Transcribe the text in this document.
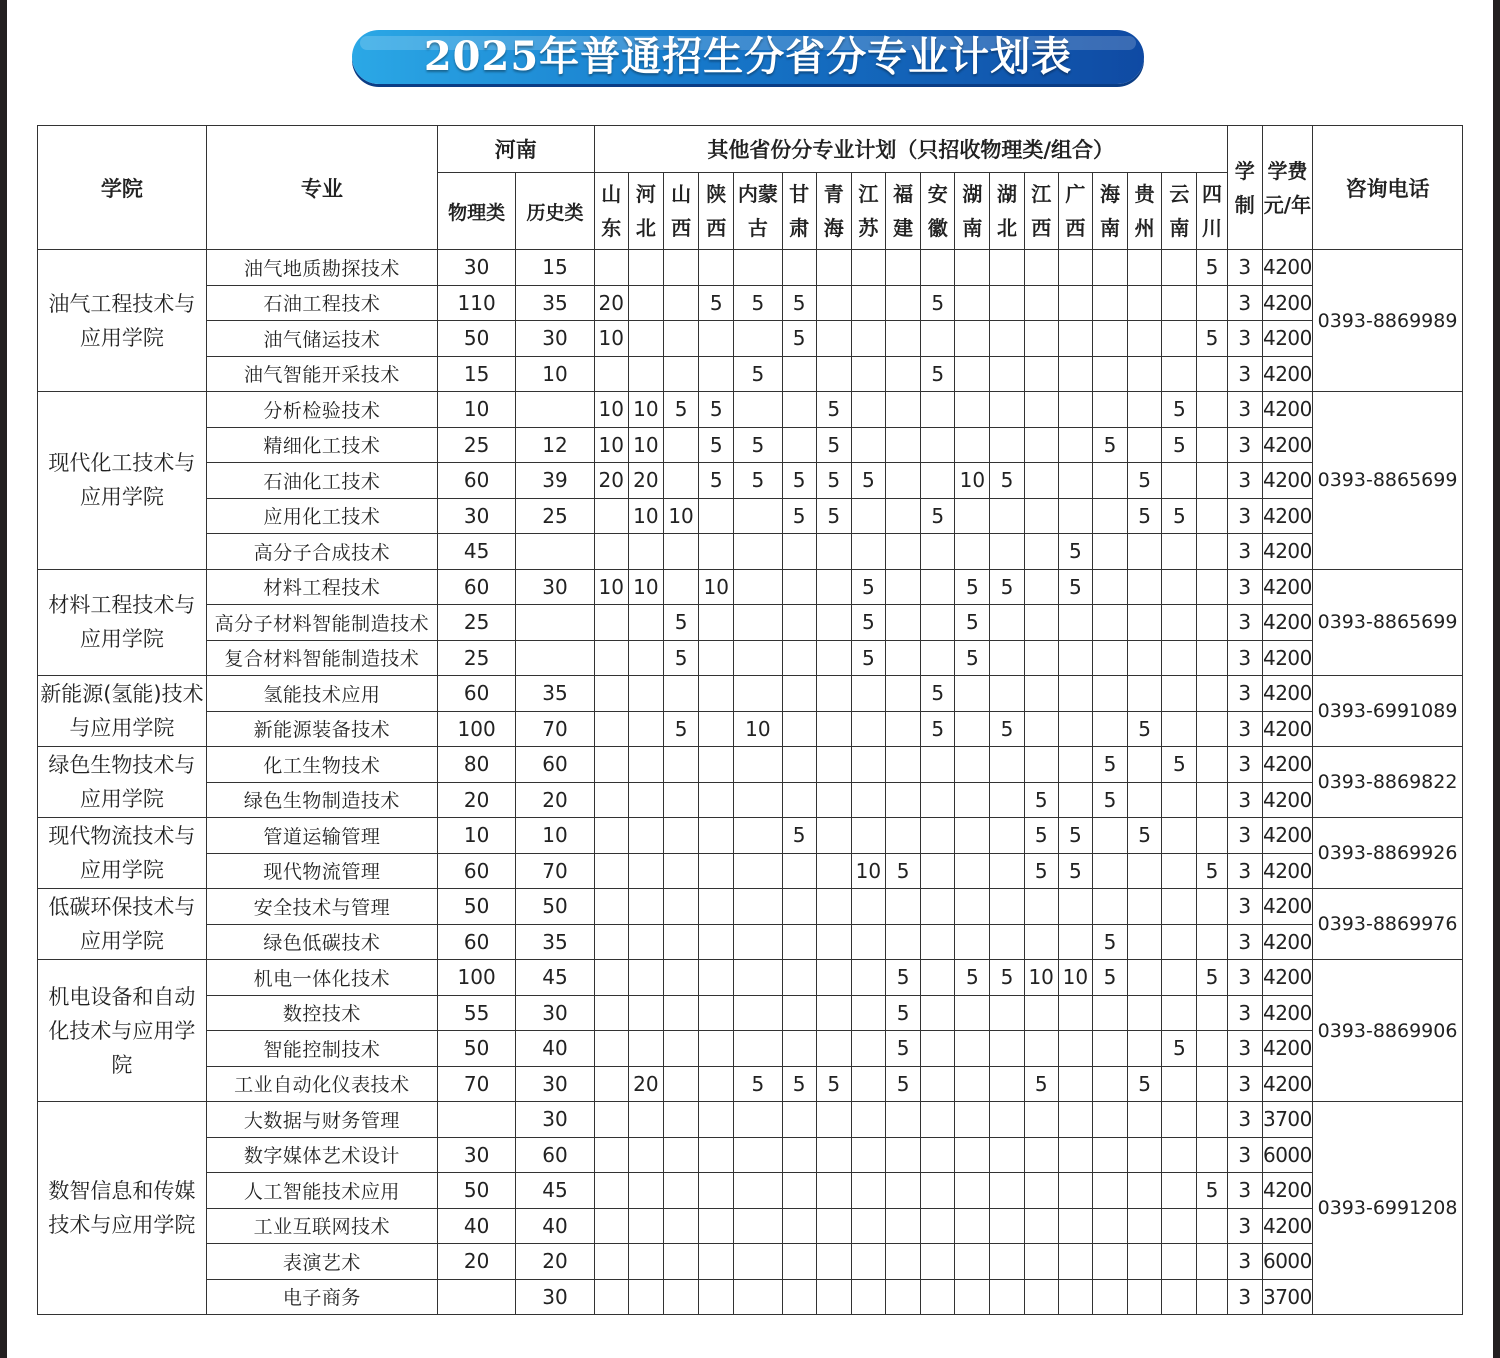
2025年普通招生分省分专业计划表
学院	专业	河南		其他省份分专业计划（只招收物理类/组合）																		学制	学费元/年	咨询电话
		物理类	历史类	山东	河北	山西	陕西	内蒙古	甘肃	青海	江苏	福建	安徽	湖南	湖北	江西	广西	海南	贵州	云南	四川			
油气工程技术与应用学院	油气地质勘探技术	30	15																		5	3	4200	0393-8869989
	石油工程技术	110	35	20			5	5	5				5									3	4200	
	油气储运技术	50	30	10					5												5	3	4200	
	油气智能开采技术	15	10					5					5									3	4200	
现代化工技术与应用学院	分析检验技术	10		10	10	5	5			5										5		3	4200	0393-8865699
	精细化工技术	25	12	10	10		5	5		5								5		5		3	4200	
	石油化工技术	60	39	20	20		5	5	5	5	5			10	5				5			3	4200	
	应用化工技术	30	25		10	10			5	5			5						5	5		3	4200	
	高分子合成技术	45															5					3	4200	
材料工程技术与应用学院	材料工程技术	60	30	10	10		10				5			5	5		5					3	4200	0393-8865699
	高分子材料智能制造技术	25				5					5			5								3	4200	
	复合材料智能制造技术	25				5					5			5								3	4200	
新能源(氢能)技术与应用学院	氢能技术应用	60	35										5									3	4200	0393-6991089
	新能源装备技术	100	70			5		10					5		5				5			3	4200	
绿色生物技术与应用学院	化工生物技术	80	60															5		5		3	4200	0393-8869822
	绿色生物制造技术	20	20													5		5				3	4200	
现代物流技术与应用学院	管道运输管理	10	10						5							5	5		5			3	4200	0393-8869926
	现代物流管理	60	70								10	5				5	5				5	3	4200	
低碳环保技术与应用学院	安全技术与管理	50	50																			3	4200	0393-8869976
	绿色低碳技术	60	35															5				3	4200	
机电设备和自动化技术与应用学院	机电一体化技术	100	45									5		5	5	10	10	5			5	3	4200	0393-8869906
	数控技术	55	30									5										3	4200	
	智能控制技术	50	40									5								5		3	4200	
	工业自动化仪表技术	70	30		20			5	5	5		5				5			5			3	4200	
数智信息和传媒技术与应用学院	大数据与财务管理		30																			3	3700	0393-6991208
	数字媒体艺术设计	30	60																			3	6000	
	人工智能技术应用	50	45																		5	3	4200	
	工业互联网技术	40	40																			3	4200	
	表演艺术	20	20																			3	6000	
	电子商务		30																			3	3700	
